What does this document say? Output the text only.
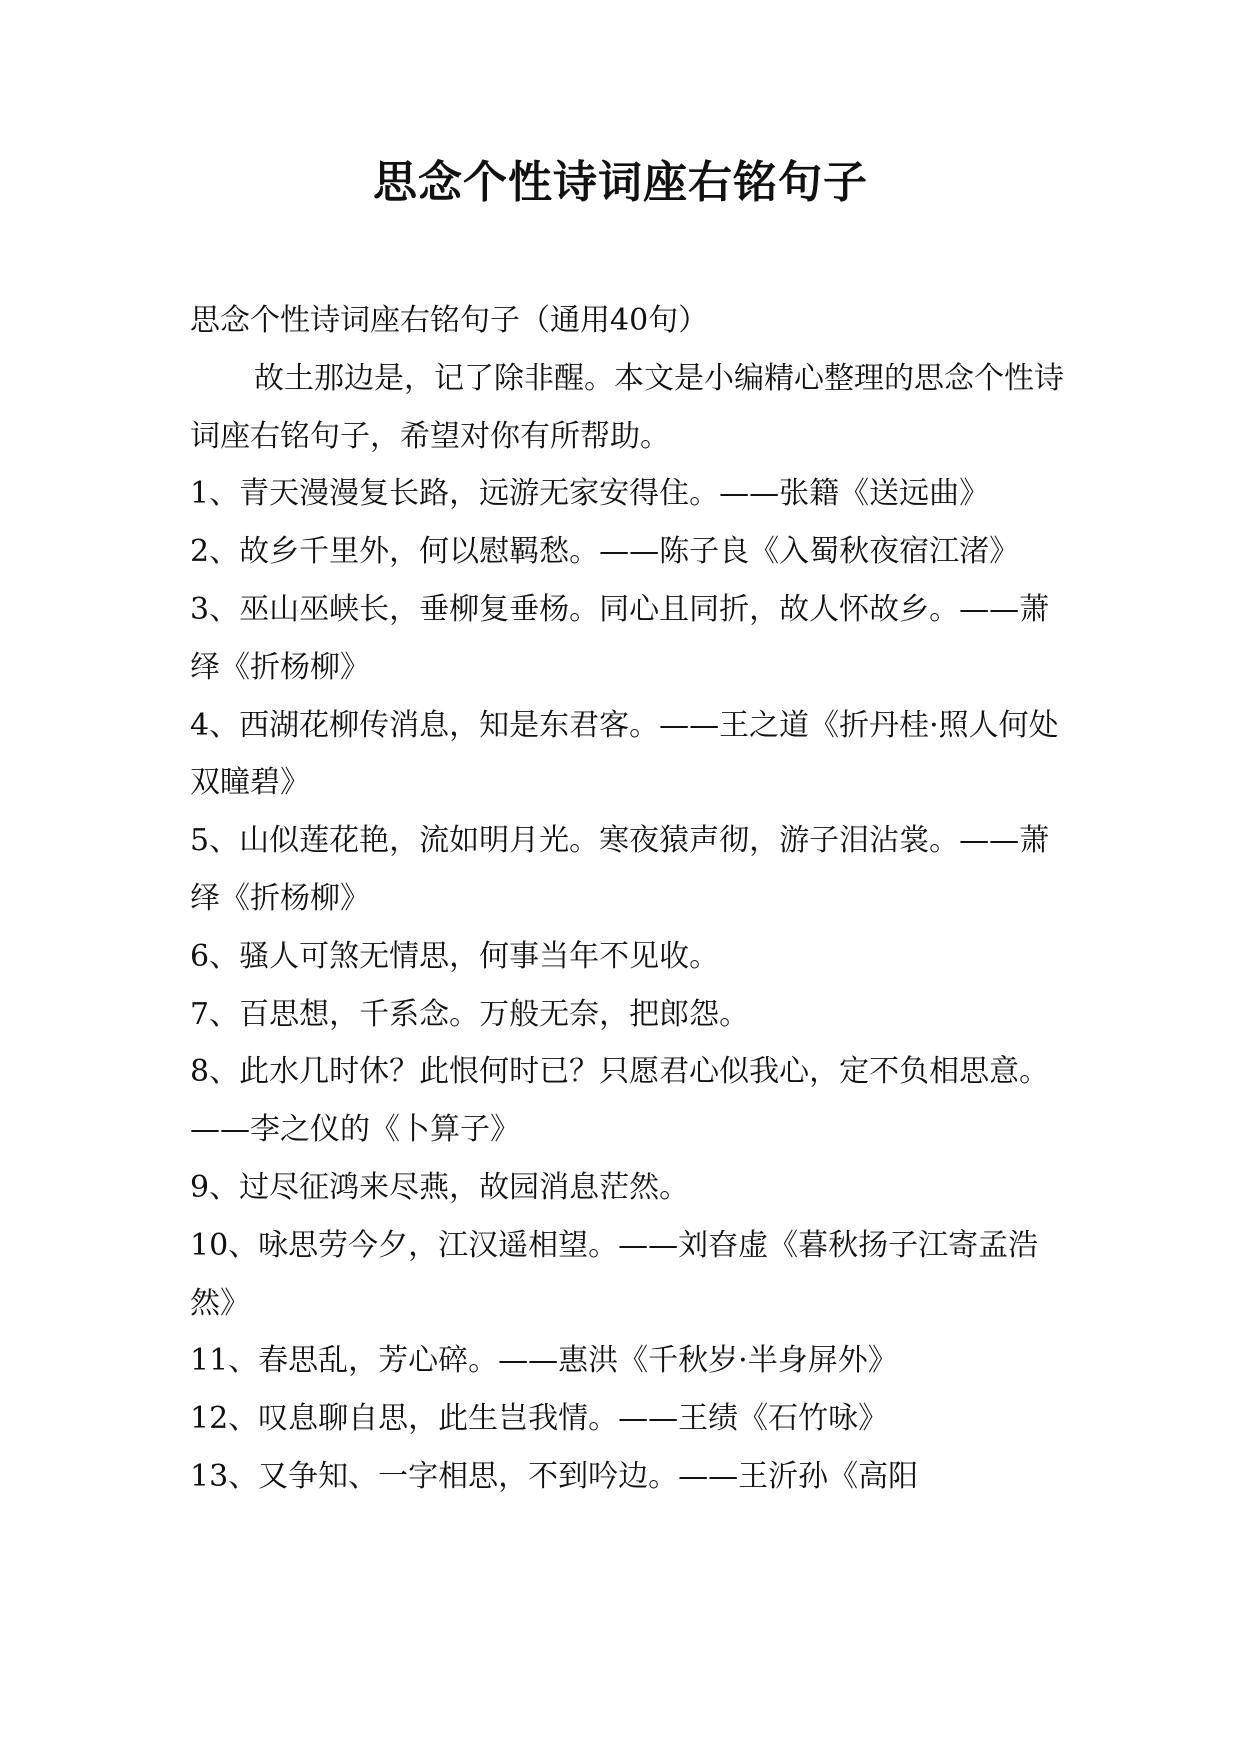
思念个性诗词座右铭句子

思念个性诗词座右铭句子（通用40句）

故土那边是，记了除非醒。本文是小编精心整理的思念个性诗词座右铭句子，希望对你有所帮助。

1、青天漫漫复长路，远游无家安得住。——张籍《送远曲》

2、故乡千里外，何以慰羁愁。——陈子良《入蜀秋夜宿江渚》

3、巫山巫峡长，垂柳复垂杨。同心且同折，故人怀故乡。——萧绎《折杨柳》

4、西湖花柳传消息，知是东君客。——王之道《折丹桂·照人何处双瞳碧》

5、山似莲花艳，流如明月光。寒夜猿声彻，游子泪沾裳。——萧绎《折杨柳》

6、骚人可煞无情思，何事当年不见收。

7、百思想，千系念。万般无奈，把郎怨。

8、此水几时休？此恨何时已？只愿君心似我心，定不负相思意。——李之仪的《卜算子》

9、过尽征鸿来尽燕，故园消息茫然。

10、咏思劳今夕，江汉遥相望。——刘昚虚《暮秋扬子江寄孟浩然》

11、春思乱，芳心碎。——惠洪《千秋岁·半身屏外》

12、叹息聊自思，此生岂我情。——王绩《石竹咏》

13、又争知、一字相思，不到吟边。——王沂孙《高阳
